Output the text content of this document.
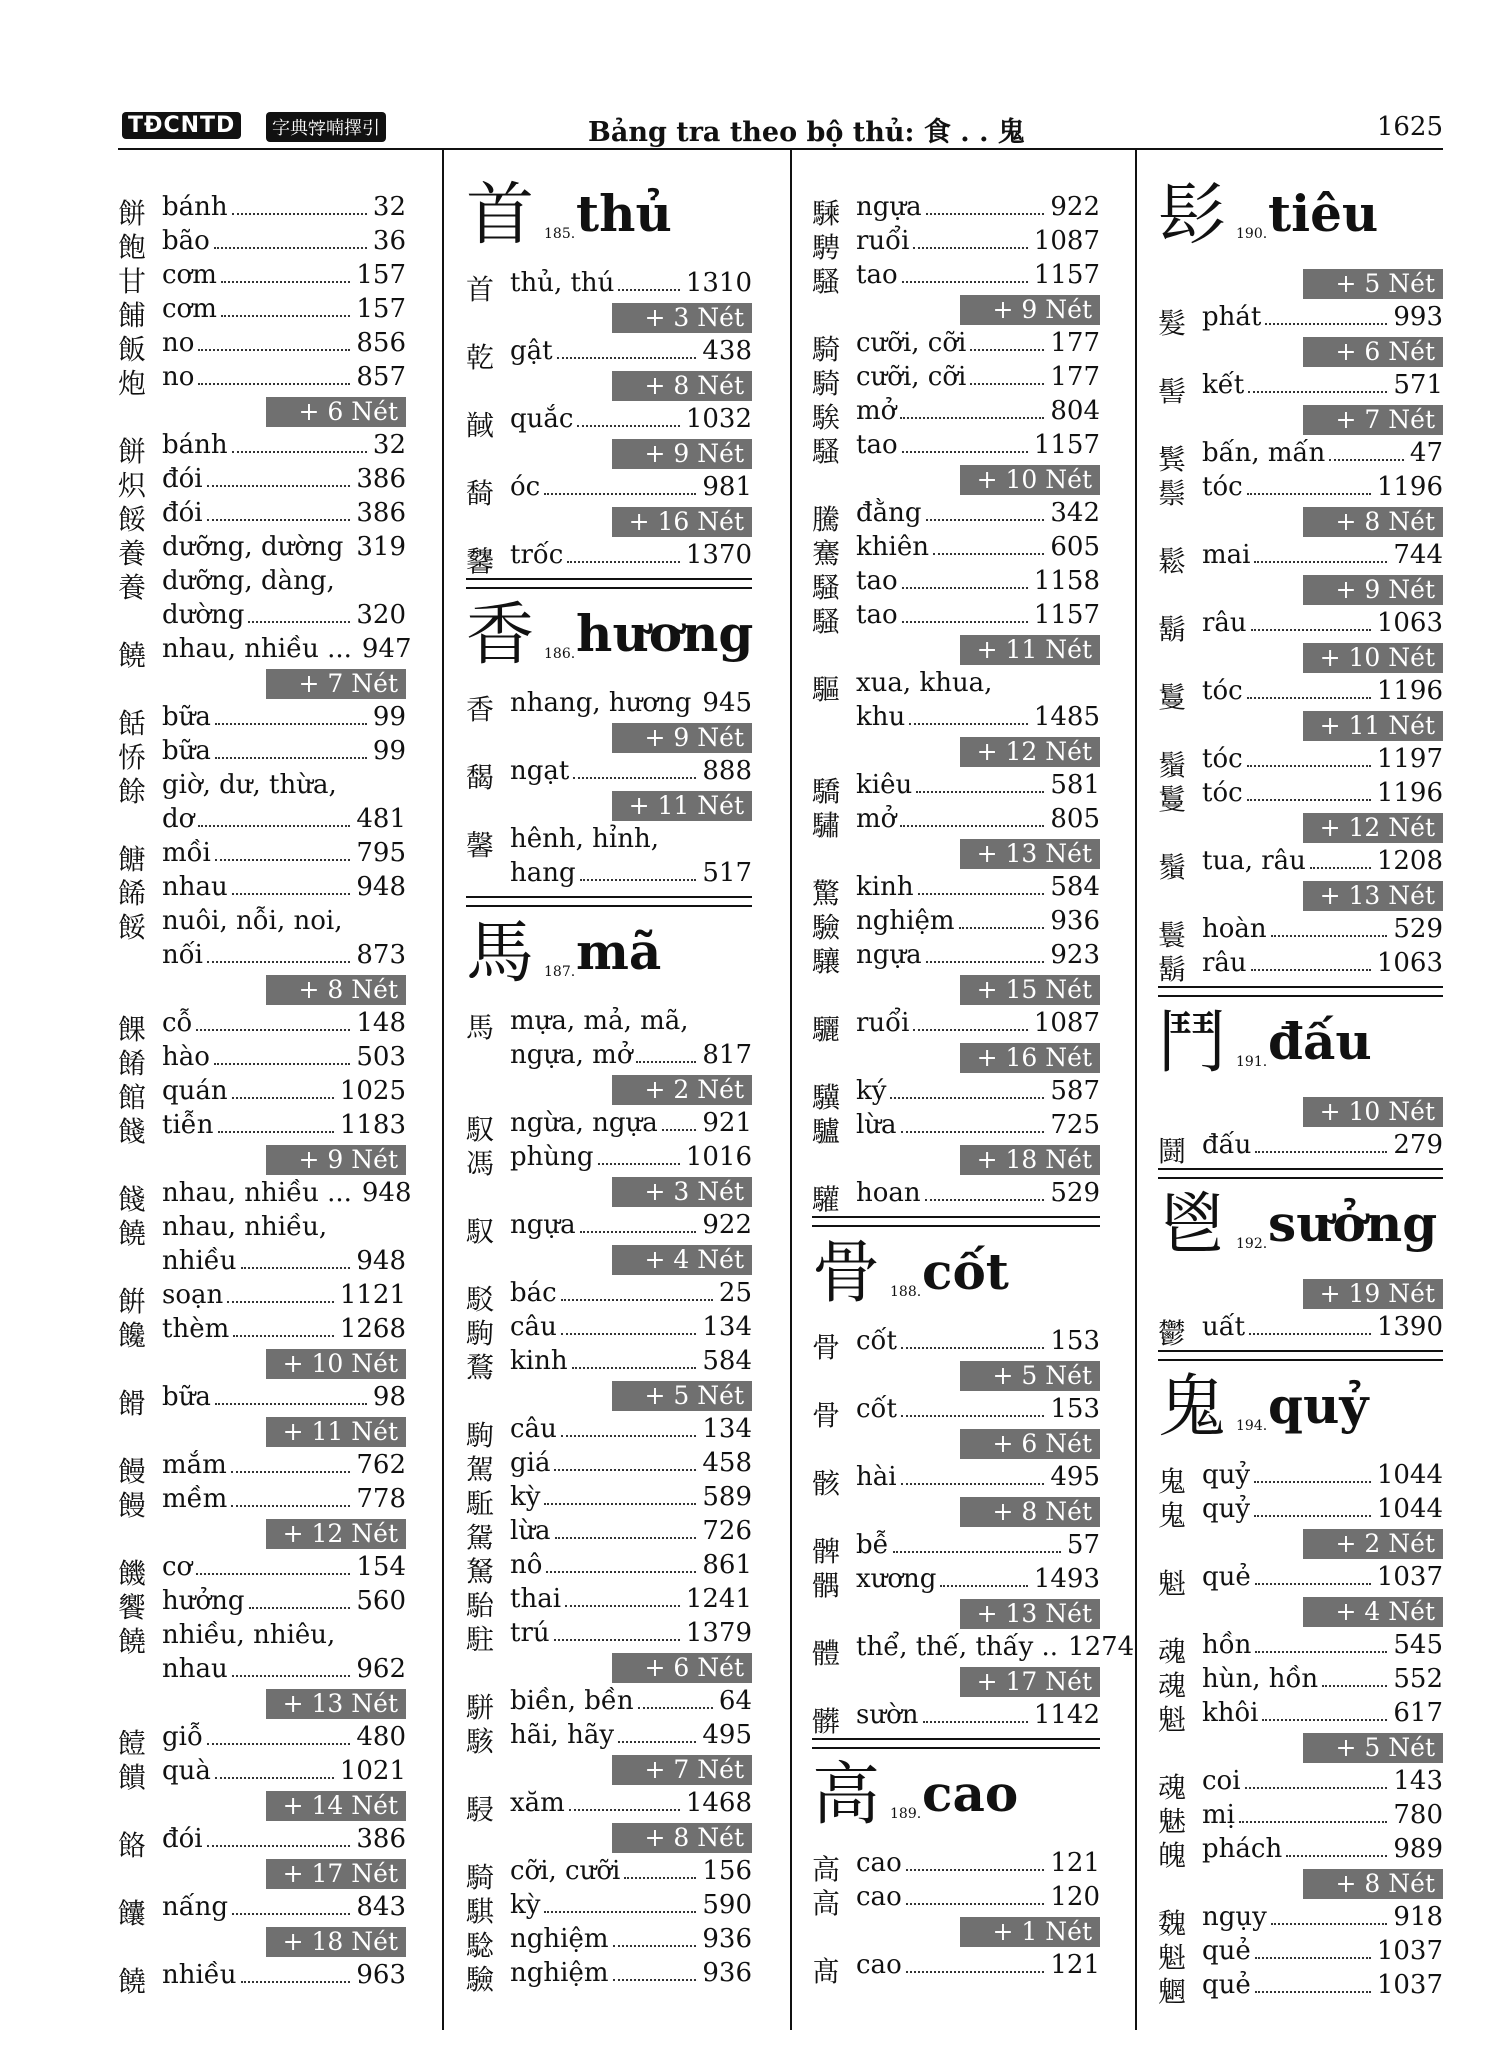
TĐCNTD	字典𡨸喃擇引	Bảng tra theo bộ thủ: 食 . . 鬼	1625
餅 bánh	32
飽 bão	36
甘 cơm	157
餔 cơm	157
飯 no	856
炮 no	857
+ 6 Nét
餅 bánh	32
炽 đói	386
餒 đói	386
養 dưỡng, dường 319
養 dưỡng, dàng,
dường	320
饒 nhau, nhiều ... 947
+ 7 Nét
餂 bữa	99
㤭 bữa	99
餘 giờ, dư, thừa,
dơ	481
餹 mồi	795
餙 nhau	948
餒 nuôi, nỗi, noi,
nối	873
+ 8 Nét
餜 cỗ	148
餚 hào	503
館 quán	1025
餞 tiễn	1183
+ 9 Nét
餞 nhau, nhiều ... 948
饒 nhau, nhiều,
nhiều	948
餠 soạn	1121
饞 thèm	1268
+ 10 Nét
餶 bữa	98
+ 11 Nét
饅 mắm	762
饅 mềm	778
+ 12 Nét
饑 cơ	154
饗 hưởng	560
饒 nhiều, nhiêu,
nhau	962
+ 13 Nét
饐 giỗ	480
饋 quà	1021
+ 14 Nét
餎 đói	386
+ 17 Nét
饢 nấng	843
+ 18 Nét
饒 nhiều	963
首 185. thủ
首 thủ, thú	1310
+ 3 Nét
乾 gật	438
+ 8 Nét
馘 quắc	1032
+ 9 Nét
䭲 óc	981
+ 16 Nét
䭳 trốc	1370
香 186. hương
香 nhang, hương 945
+ 9 Nét
馤 ngạt	888
+ 11 Nét
馨 hênh, hỉnh,
hang	517
馬 187. mã
馬 mựa, mả, mã,
ngựa, mở	817
+ 2 Nét
馭 ngừa, ngựa 921
馮 phùng	1016
+ 3 Nét
馭 ngựa	922
+ 4 Nét
駁 bác	25
駒 câu	134
鶩 kinh	584
+ 5 Nét
駒 câu	134
駕 giá	458
駈 kỳ	589
駌 lừa	726
駑 nô	861
駘 thai	1241
駐 trú	1379
+ 6 Nét
駢 biền, bền	64
駭 hãi, hãy	495
+ 7 Nét
駸 xăm	1468
+ 8 Nét
騎 cỡi, cưỡi	156
騏 kỳ	590
騐 nghiệm	936
驗 nghiệm	936
騬 ngựa	922
騁 ruổi	1087
騷 tao	1157
+ 9 Nét
騎 cưỡi, cỡi	177
騎 cưỡi, cỡi	177
騃 mở	804
騷 tao	1157
+ 10 Nét
騰 đằng	342
騫 khiên	605
騷 tao	1158
騷 tao	1157
+ 11 Nét
驅 xua, khua,
khu	1485
+ 12 Nét
驕 kiêu	581
驌 mở	805
+ 13 Nét
驚 kinh	584
驗 nghiệm	936
驤 ngựa	923
+ 15 Nét
驪 ruổi	1087
+ 16 Nét
驥 ký	587
驢 lừa	725
+ 18 Nét
驩 hoan	529
骨 188. cốt
骨 cốt	153
+ 5 Nét
骨 cốt	153
+ 6 Nét
骸 hài	495
+ 8 Nét
髀 bễ	57
髃 xương	1493
+ 13 Nét
體 thể, thế, thấy .. 1274
+ 17 Nét
髒 sườn	1142
高 189. cao
高 cao	121
高 cao	120
+ 1 Nét
髙 cao	121
髟 190. tiêu
+ 5 Nét
髮 phát	993
+ 6 Nét
髻 kết	571
+ 7 Nét
鬂 bấn, mấn	47
鬃 tóc	1196
+ 8 Nét
鬆 mai	744
+ 9 Nét
鬍 râu	1063
+ 10 Nét
鬘 tóc	1196
+ 11 Nét
鬚 tóc	1197
鬘 tóc	1196
+ 12 Nét
鬚 tua, râu	1208
+ 13 Nét
鬟 hoàn	529
鬍 râu	1063
鬥 191. đấu
+ 10 Nét
鬪 đấu	279
鬯 192. sưởng
+ 19 Nét
鬱 uất	1390
鬼 194. quỷ
鬼 quỷ	1044
鬼 quỷ	1044
+ 2 Nét
魁 quẻ	1037
+ 4 Nét
魂 hồn	545
魂 hùn, hồn	552
魁 khôi	617
+ 5 Nét
魂 coi	143
魅 mị	780
魄 phách	989
+ 8 Nét
魏 ngụy	918
魁 quẻ	1037
魍 quẻ	1037
